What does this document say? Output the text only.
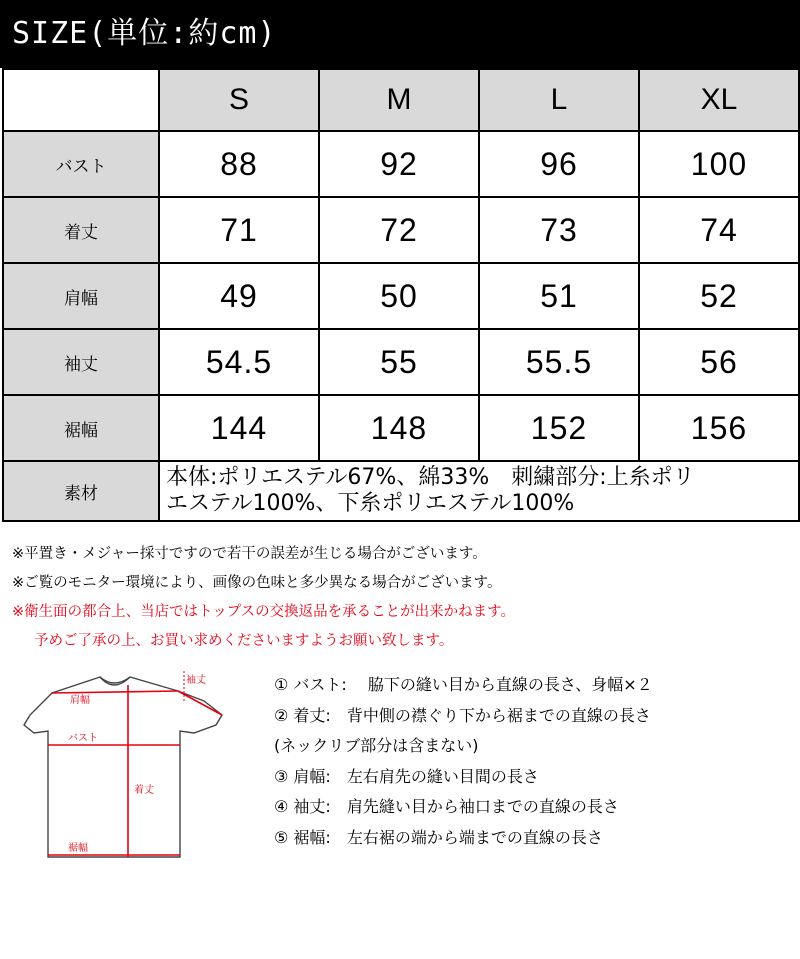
SIZE(単位:約cm)
	S	M	L	XL
バスト	88	92	96	100
着丈	71	72	73	74
肩幅	49	50	51	52
袖丈	54.5	55	55.5	56
裾幅	144	148	152	156
素材	本体:ポリエステル67%、綿33%　刺繍部分:上糸ポリ
エステル100%、下糸ポリエステル100%			
※平置き・メジャー採寸ですので若干の誤差が生じる場合がございます。
※ご覧のモニター環境により、画像の色味と多少異なる場合がございます。
※衛生面の都合上、当店ではトップスの交換返品を承ることが出来かねます。
予めご了承の上、お買い求めくださいますようお願い致します。
袖丈
肩幅
バスト
着丈
裾幅
① バスト:　 脇下の縫い目から直線の長さ、身幅×２
② 着丈:　背中側の襟ぐり下から裾までの直線の長さ
(ネックリブ部分は含まない)
③ 肩幅:　左右肩先の縫い目間の長さ
④ 袖丈:　肩先縫い目から袖口までの直線の長さ
⑤ 裾幅:　左右裾の端から端までの直線の長さ
